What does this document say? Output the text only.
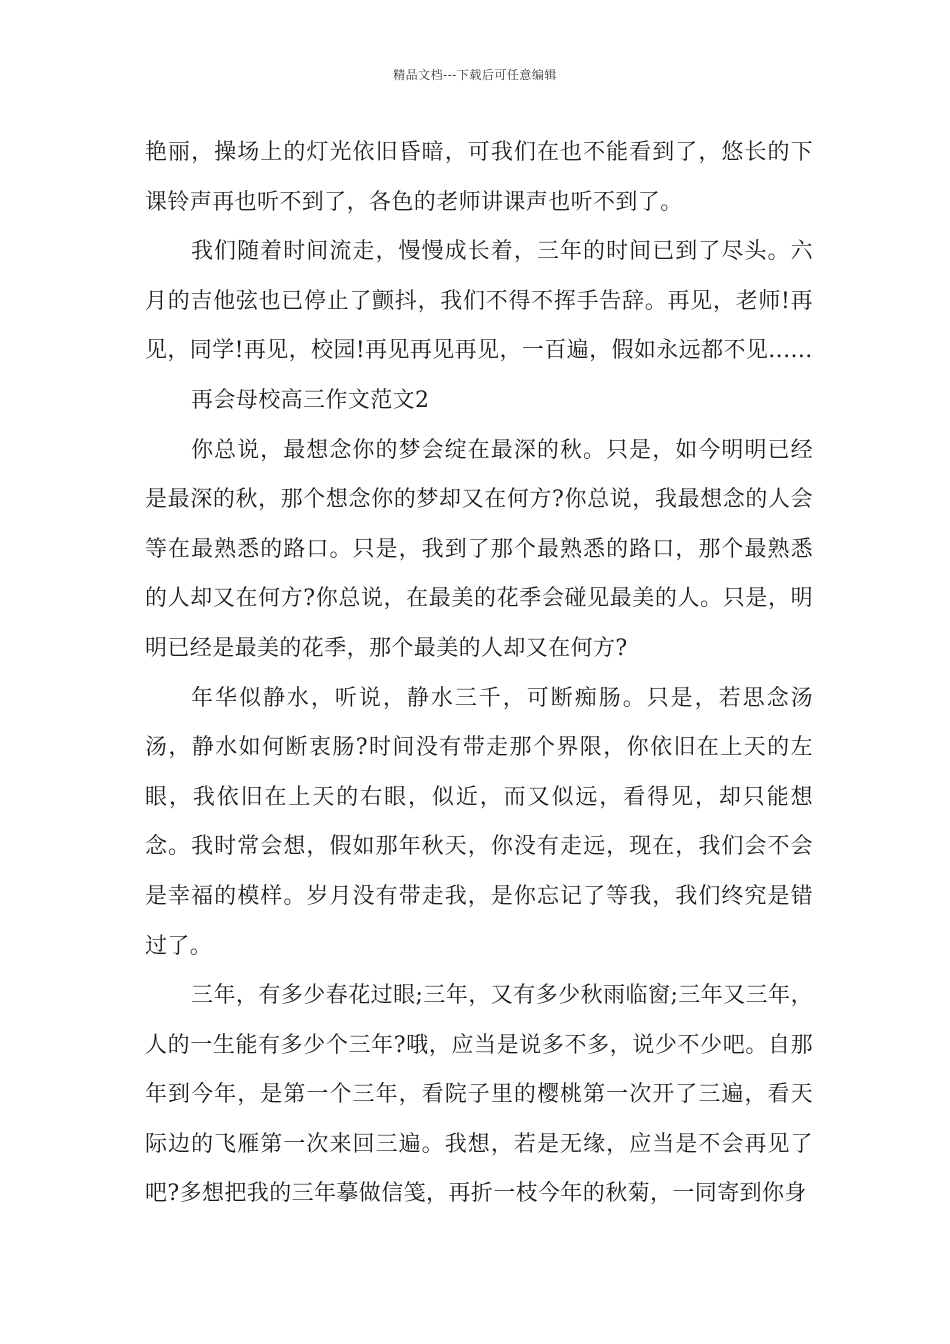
精品文档---下载后可任意编辑

艳丽，操场上的灯光依旧昏暗，可我们在也不能看到了，悠长的下课铃声再也听不到了，各色的老师讲课声也听不到了。

我们随着时间流走，慢慢成长着，三年的时间已到了尽头。六月的吉他弦也已停止了颤抖，我们不得不挥手告辞。再见，老师!再见，同学!再见，校园!再见再见再见，一百遍，假如永远都不见......

再会母校高三作文范文2

你总说，最想念你的梦会绽在最深的秋。只是，如今明明已经是最深的秋，那个想念你的梦却又在何方?你总说，我最想念的人会等在最熟悉的路口。只是，我到了那个最熟悉的路口，那个最熟悉的人却又在何方?你总说，在最美的花季会碰见最美的人。只是，明明已经是最美的花季，那个最美的人却又在何方?

年华似静水，听说，静水三千，可断痴肠。只是，若思念汤汤，静水如何断衷肠?时间没有带走那个界限，你依旧在上天的左眼，我依旧在上天的右眼，似近，而又似远，看得见，却只能想念。我时常会想，假如那年秋天，你没有走远，现在，我们会不会是幸福的模样。岁月没有带走我，是你忘记了等我，我们终究是错过了。

三年，有多少春花过眼;三年，又有多少秋雨临窗;三年又三年，人的一生能有多少个三年?哦，应当是说多不多，说少不少吧。自那年到今年，是第一个三年，看院子里的樱桃第一次开了三遍，看天际边的飞雁第一次来回三遍。我想，若是无缘，应当是不会再见了吧?多想把我的三年摹做信笺，再折一枝今年的秋菊，一同寄到你身
